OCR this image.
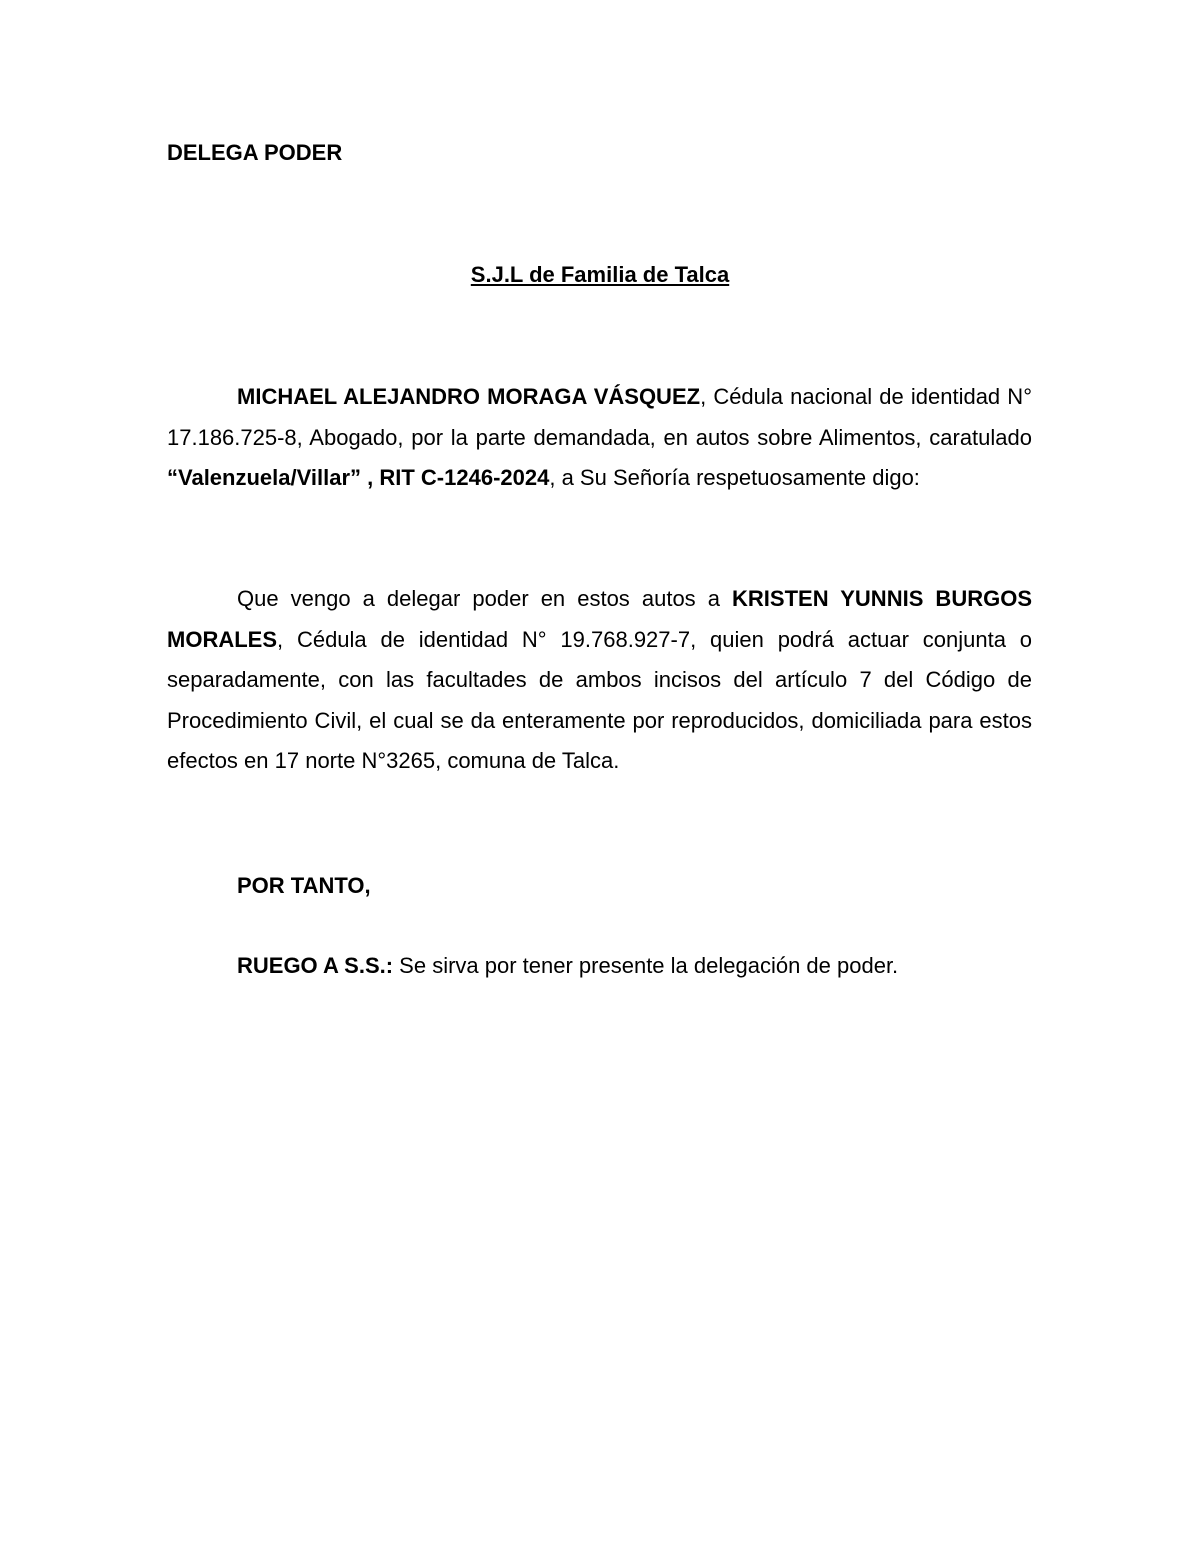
DELEGA PODER
S.J.L de Familia de Talca

MICHAEL ALEJANDRO MORAGA VÁSQUEZ, Cédula nacional de identidad N° 17.186.725-8, Abogado, por la parte demandada, en autos sobre Alimentos, caratulado “Valenzuela/Villar” , RIT C-1246-2024, a Su Señoría respetuosamente digo:

Que vengo a delegar poder en estos autos a KRISTEN YUNNIS BURGOS MORALES, Cédula de identidad N° 19.768.927-7, quien podrá actuar conjunta o separadamente, con las facultades de ambos incisos del artículo 7 del Código de Procedimiento Civil, el cual se da enteramente por reproducidos, domiciliada para estos efectos en 17 norte N°3265, comuna de Talca.

POR TANTO,

RUEGO A S.S.: Se sirva por tener presente la delegación de poder.
